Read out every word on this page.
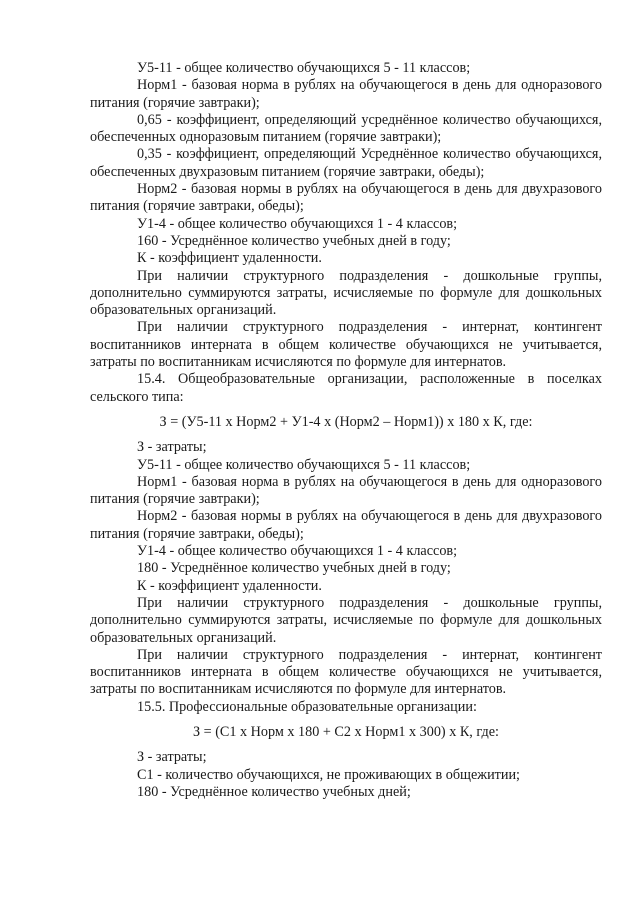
У5-11 - общее количество обучающихся 5 - 11 классов;

Норм1 - базовая норма в рублях на обучающегося в день для одноразового питания (горячие завтраки);

0,65 - коэффициент, определяющий усреднённое количество обучающихся, обеспеченных одноразовым питанием (горячие завтраки);

0,35 - коэффициент, определяющий Усреднённое количество обучающихся, обеспеченных двухразовым питанием (горячие завтраки, обеды);

Норм2 - базовая нормы в рублях на обучающегося в день для двухразового питания (горячие завтраки, обеды);

У1-4 - общее количество обучающихся 1 - 4 классов;

160 - Усреднённое количество учебных дней в году;

К - коэффициент удаленности.

При наличии структурного подразделения - дошкольные группы, дополнительно суммируются затраты, исчисляемые по формуле для дошкольных образовательных организаций.

При наличии структурного подразделения - интернат, контингент воспитанников интерната в общем количестве обучающихся не учитывается, затраты по воспитанникам исчисляются по формуле для интернатов.

15.4. Общеобразовательные организации, расположенные в поселках сельского типа:

З = (У5-11 х Норм2 + У1-4 х (Норм2 – Норм1)) х 180 х К, где:

З - затраты;

У5-11 - общее количество обучающихся 5 - 11 классов;

Норм1 - базовая норма в рублях на обучающегося в день для одноразового питания (горячие завтраки);

Норм2 - базовая нормы в рублях на обучающегося в день для двухразового питания (горячие завтраки, обеды);

У1-4 - общее количество обучающихся 1 - 4 классов;

180 - Усреднённое количество учебных дней в году;

К - коэффициент удаленности.

При наличии структурного подразделения - дошкольные группы, дополнительно суммируются затраты, исчисляемые по формуле для дошкольных образовательных организаций.

При наличии структурного подразделения - интернат, контингент воспитанников интерната в общем количестве обучающихся не учитывается, затраты по воспитанникам исчисляются по формуле для интернатов.

15.5. Профессиональные образовательные организации:

З = (С1 х Норм х 180 + С2 х Норм1 х 300) х К, где:

З - затраты;

С1 - количество обучающихся, не проживающих в общежитии;

180 - Усреднённое количество учебных дней;
